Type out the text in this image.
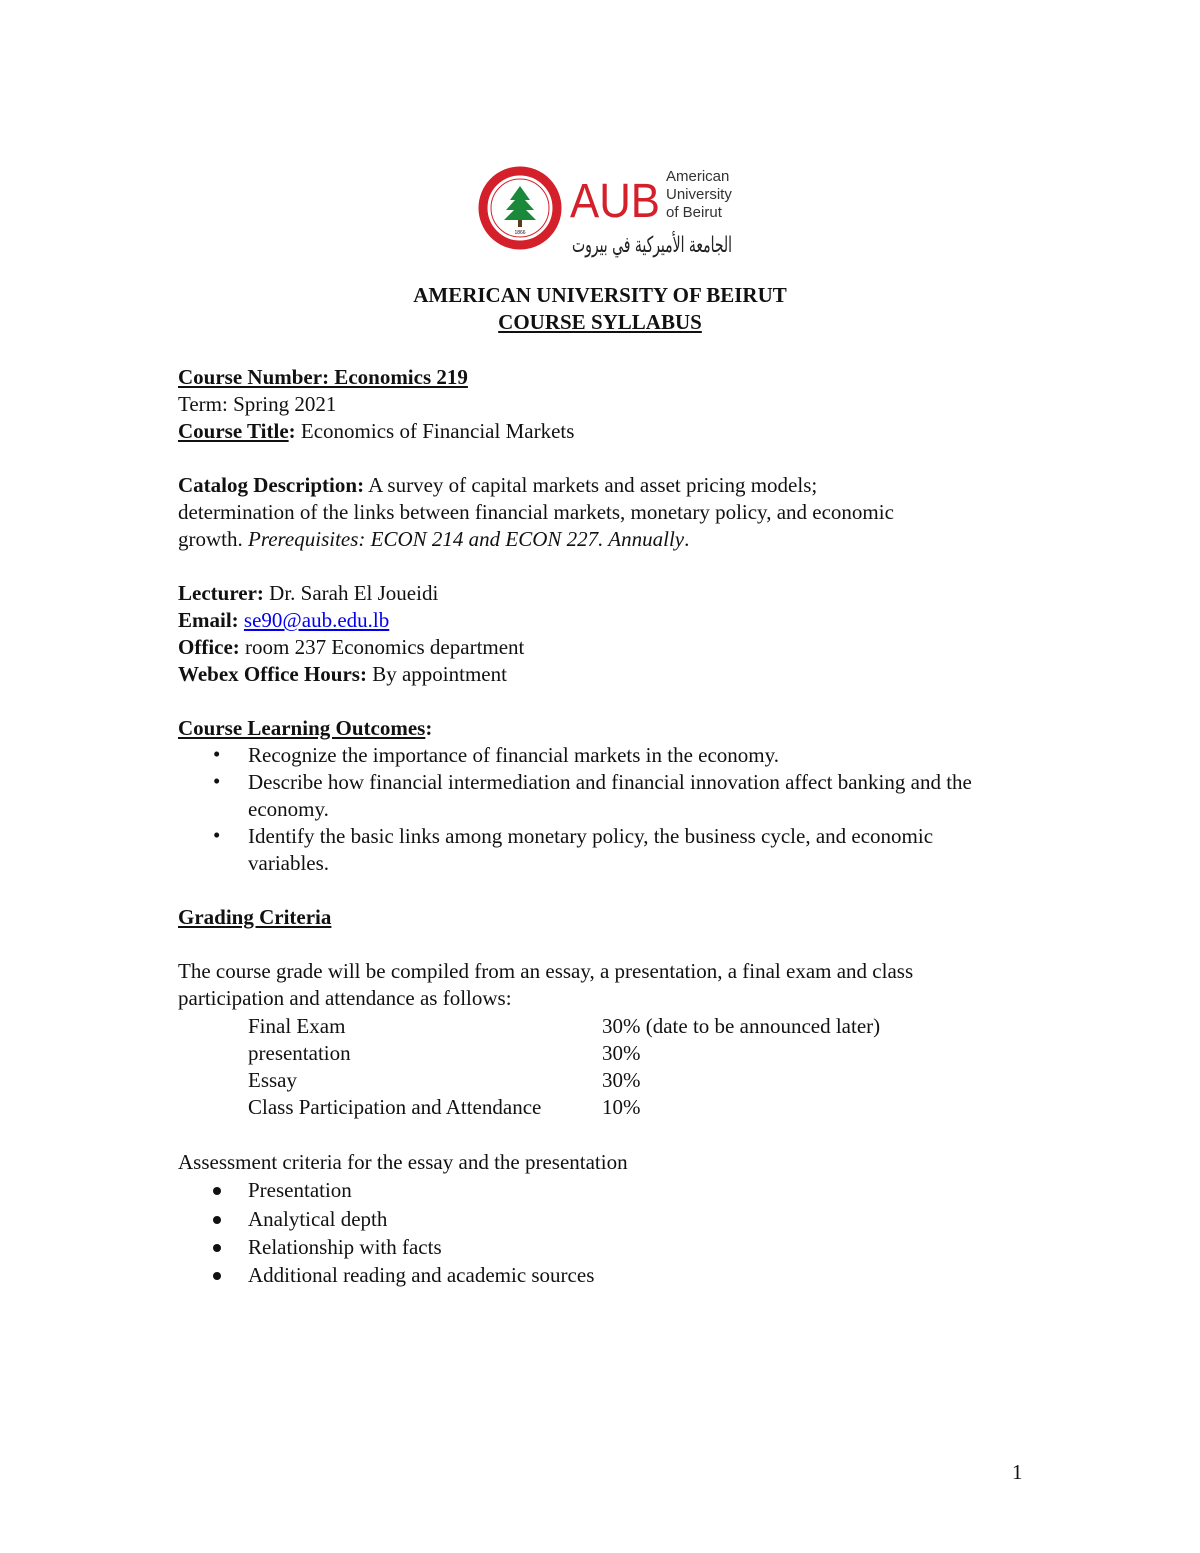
1866
AUB American
University
of Beirut
الجامعة الأميركية في بيروت
AMERICAN UNIVERSITY OF BEIRUT
COURSE SYLLABUS
Course Number: Economics 219
Term: Spring 2021
Course Title: Economics of Financial Markets
Catalog Description: A survey of capital markets and asset pricing models;
determination of the links between financial markets, monetary policy, and economic
growth. Prerequisites: ECON 214 and ECON 227. Annually.
Lecturer: Dr. Sarah El Joueidi
Email: se90@aub.edu.lb
Office: room 237 Economics department
Webex Office Hours: By appointment
Course Learning Outcomes:
• Recognize the importance of financial markets in the economy.
• Describe how financial intermediation and financial innovation affect banking and the
economy.
• Identify the basic links among monetary policy, the business cycle, and economic
variables.
Grading Criteria
The course grade will be compiled from an essay, a presentation, a final exam and class
participation and attendance as follows:
Final Exam	30% (date to be announced later)
presentation	30%
Essay	30%
Class Participation and Attendance	10%
Assessment criteria for the essay and the presentation
Presentation
Analytical depth
Relationship with facts
Additional reading and academic sources
1
